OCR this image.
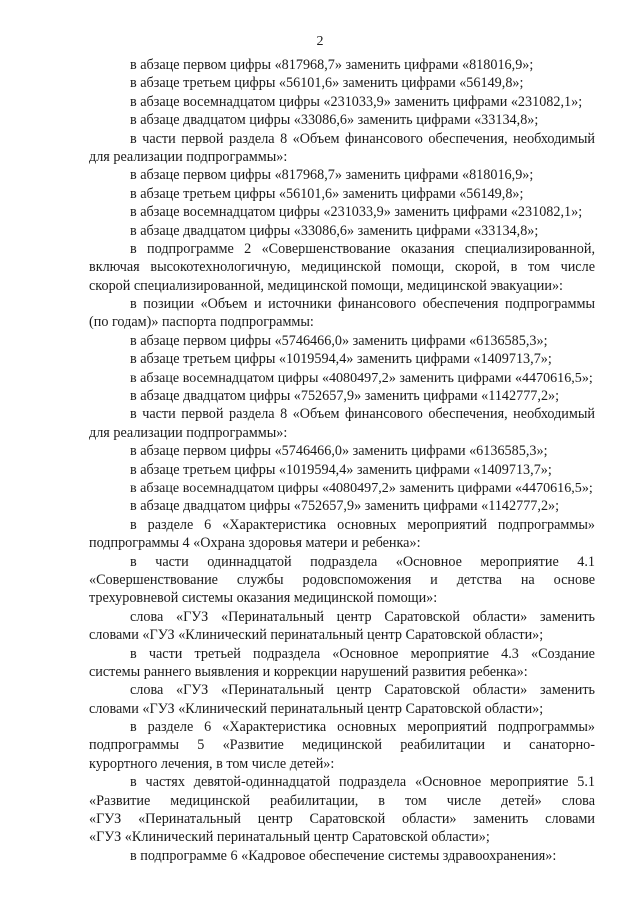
2
в абзаце первом цифры «817968,7» заменить цифрами «818016,9»;
в абзаце третьем цифры «56101,6» заменить цифрами «56149,8»;
в абзаце восемнадцатом цифры «231033,9» заменить цифрами «231082,1»;
в абзаце двадцатом цифры «33086,6» заменить цифрами «33134,8»;
в части первой раздела 8 «Объем финансового обеспечения, необходимый
для реализации подпрограммы»:
в абзаце первом цифры «817968,7» заменить цифрами «818016,9»;
в абзаце третьем цифры «56101,6» заменить цифрами «56149,8»;
в абзаце восемнадцатом цифры «231033,9» заменить цифрами «231082,1»;
в абзаце двадцатом цифры «33086,6» заменить цифрами «33134,8»;
в подпрограмме 2 «Совершенствование оказания специализированной,
включая высокотехнологичную, медицинской помощи, скорой, в том числе
скорой специализированной, медицинской помощи, медицинской эвакуации»:
в позиции «Объем и источники финансового обеспечения подпрограммы
(по годам)» паспорта подпрограммы:
в абзаце первом цифры «5746466,0» заменить цифрами «6136585,3»;
в абзаце третьем цифры «1019594,4» заменить цифрами «1409713,7»;
в абзаце восемнадцатом цифры «4080497,2» заменить цифрами «4470616,5»;
в абзаце двадцатом цифры «752657,9» заменить цифрами «1142777,2»;
в части первой раздела 8 «Объем финансового обеспечения, необходимый
для реализации подпрограммы»:
в абзаце первом цифры «5746466,0» заменить цифрами «6136585,3»;
в абзаце третьем цифры «1019594,4» заменить цифрами «1409713,7»;
в абзаце восемнадцатом цифры «4080497,2» заменить цифрами «4470616,5»;
в абзаце двадцатом цифры «752657,9» заменить цифрами «1142777,2»;
в разделе 6 «Характеристика основных мероприятий подпрограммы»
подпрограммы 4 «Охрана здоровья матери и ребенка»:
в части одиннадцатой подраздела «Основное мероприятие 4.1
«Совершенствование службы родовспоможения и детства на основе
трехуровневой системы оказания медицинской помощи»:
слова «ГУЗ «Перинатальный центр Саратовской области» заменить
словами «ГУЗ «Клинический перинатальный центр Саратовской области»;
в части третьей подраздела «Основное мероприятие 4.3 «Создание
системы раннего выявления и коррекции нарушений развития ребенка»:
слова «ГУЗ «Перинатальный центр Саратовской области» заменить
словами «ГУЗ «Клинический перинатальный центр Саратовской области»;
в разделе 6 «Характеристика основных мероприятий подпрограммы»
подпрограммы 5 «Развитие медицинской реабилитации и санаторно-
курортного лечения, в том числе детей»:
в частях девятой-одиннадцатой подраздела «Основное мероприятие 5.1
«Развитие медицинской реабилитации, в том числе детей» слова
«ГУЗ «Перинатальный центр Саратовской области» заменить словами
«ГУЗ «Клинический перинатальный центр Саратовской области»;
в подпрограмме 6 «Кадровое обеспечение системы здравоохранения»:
